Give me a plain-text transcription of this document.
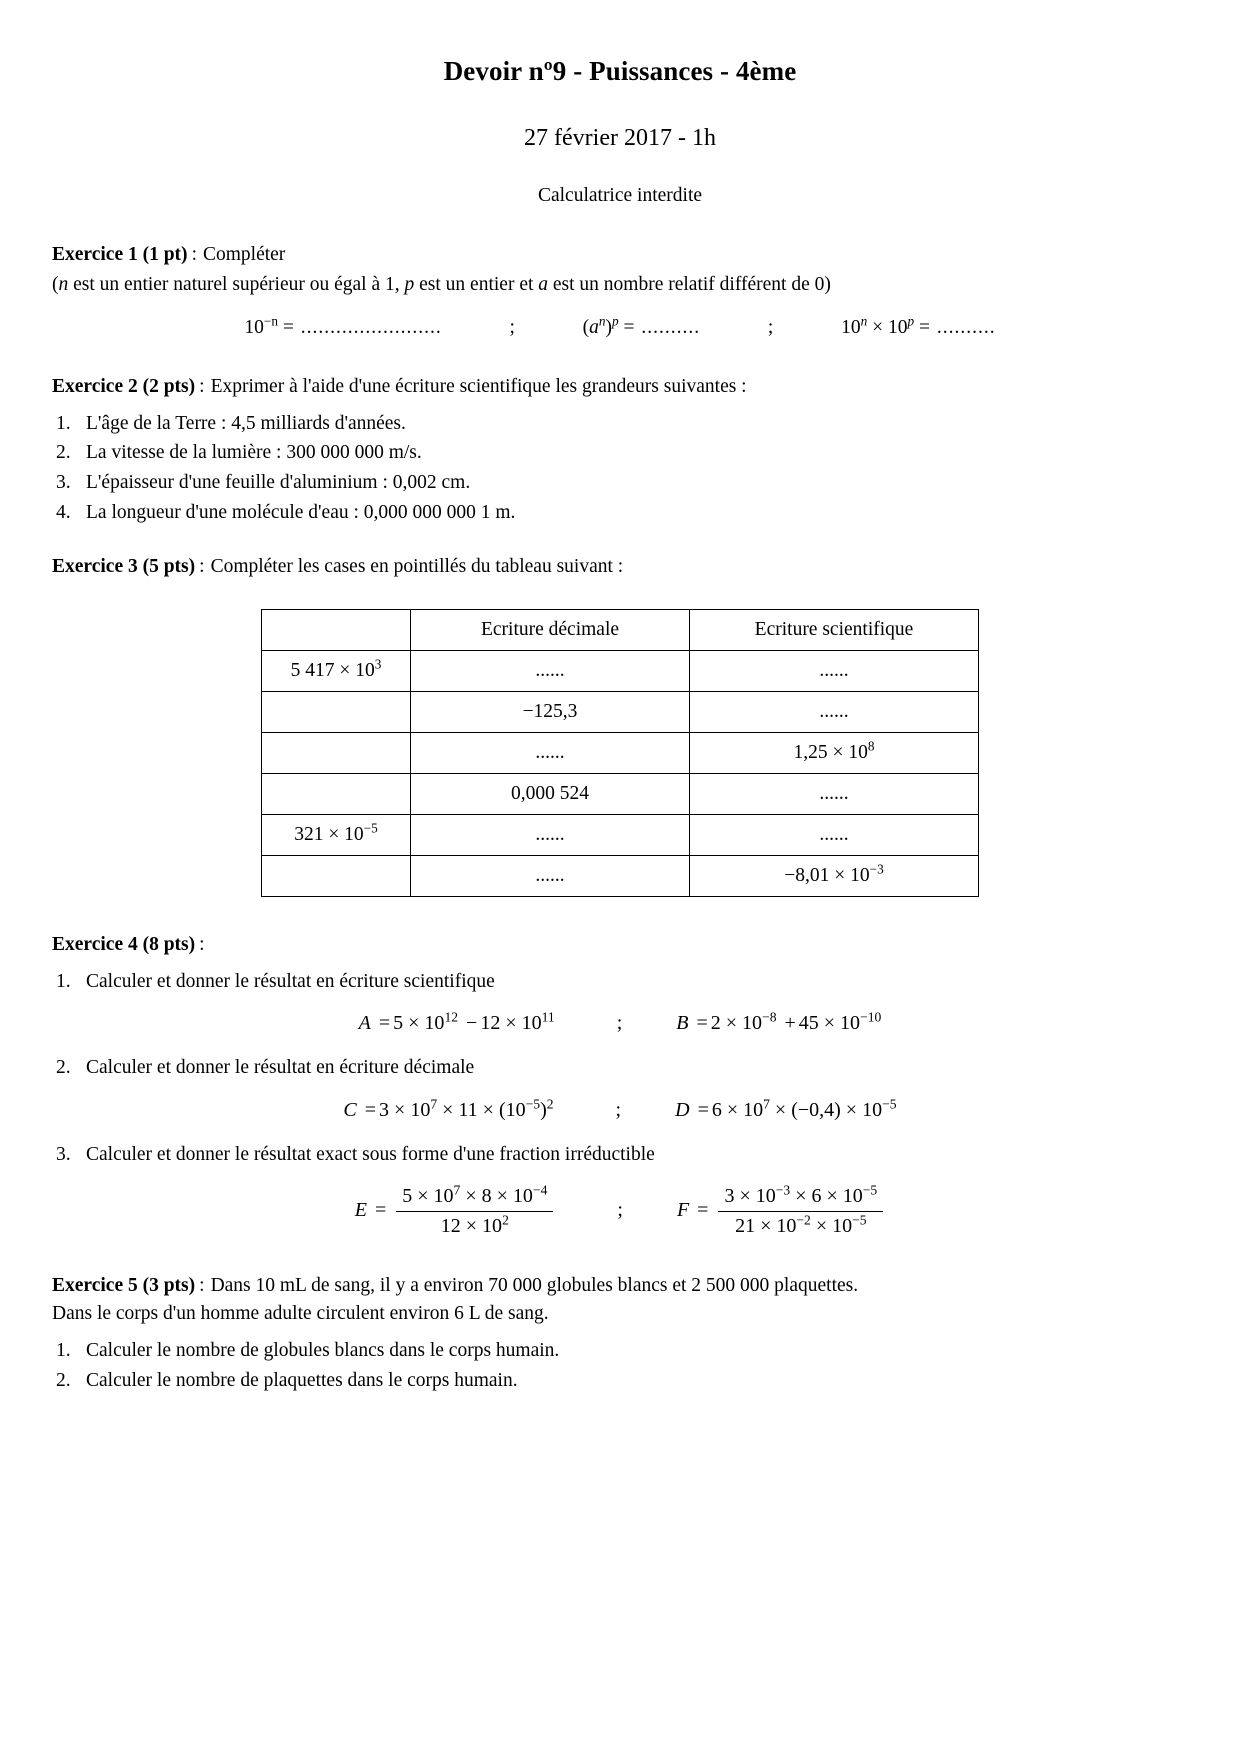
Devoir nº9 - Puissances - 4ème
27 février 2017 - 1h
Calculatrice interdite
Exercice 1 (1 pt) : Compléter
(n est un entier naturel supérieur ou égal à 1, p est un entier et a est un nombre relatif différent de 0)
$10^{-n}$ = ........................	;	$(a^n)^p$ = ..........	;	$10^n \times 10^p$ = ..........
Exercice 2 (2 pts) : Exprimer à l'aide d'une écriture scientifique les grandeurs suivantes :
1. L'âge de la Terre : 4,5 milliards d'années.
2. La vitesse de la lumière : 300 000 000 m/s.
3. L'épaisseur d'une feuille d'aluminium : 0,002 cm.
4. La longueur d'une molécule d'eau : 0,000 000 000 1 m.
Exercice 3 (5 pts) : Compléter les cases en pointillés du tableau suivant :
	Ecriture décimale	Ecriture scientifique
5 $417 \times 10^3$	......	......
	−125,3	......
	......	$1,25 \times 10^8$
	0,000 524	......
$321 \times 10^{-5}$	......	......
	......	$-8,01 \times 10^{-3}$
Exercice 4 (8 pts) :
1. Calculer et donner le résultat en écriture scientifique
$A = 5 \times 10^{12} - 12 \times 10^{11}$	;	$B = 2 \times 10^{-8} + 45 \times 10^{-10}$
2. Calculer et donner le résultat en écriture décimale
$C = 3 \times 10^7 \times 11 \times (10^{-5})^2$	;	$D = 6 \times 10^7 \times (-0,4) \times 10^{-5}$
3. Calculer et donner le résultat exact sous forme d'une fraction irréductible
$E = \frac{5 \times 10^7 \times 8 \times 10^{-4}}{12 \times 10^2}$	;	$F = \frac{3 \times 10^{-3} \times 6 \times 10^{-5}}{21 \times 10^{-2} \times 10^{-5}}$
Exercice 5 (3 pts) : Dans 10 mL de sang, il y a environ 70 000 globules blancs et 2 500 000 plaquettes.
Dans le corps d'un homme adulte circulent environ 6 L de sang.
1. Calculer le nombre de globules blancs dans le corps humain.
2. Calculer le nombre de plaquettes dans le corps humain.
